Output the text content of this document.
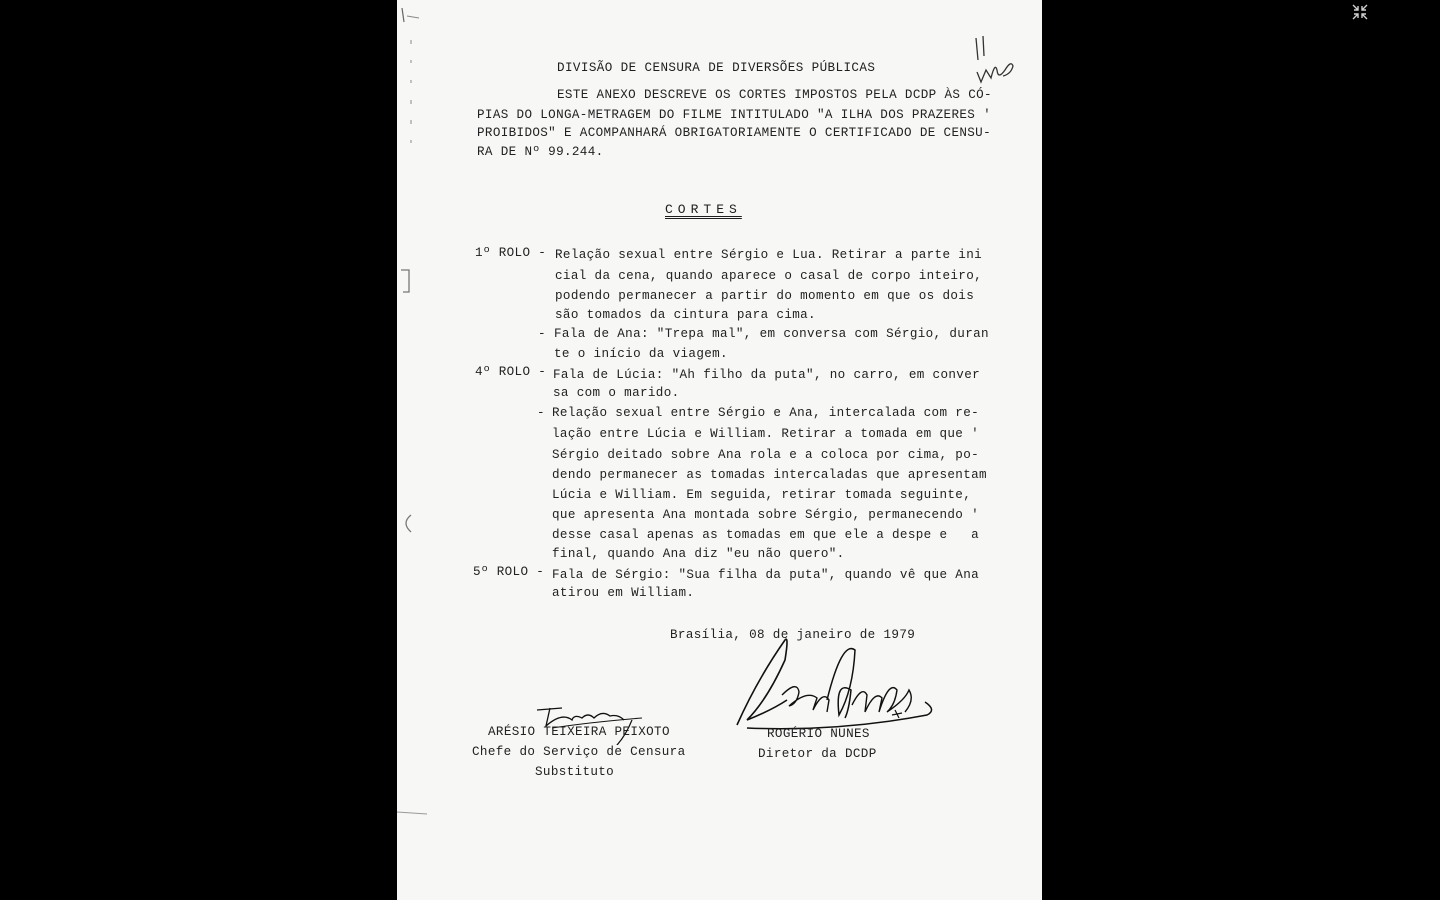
DIVISÃO DE CENSURA DE DIVERSÕES PÚBLICAS
ESTE ANEXO DESCREVE OS CORTES IMPOSTOS PELA DCDP ÀS CÓ-
PIAS DO LONGA-METRAGEM DO FILME INTITULADO "A ILHA DOS PRAZERES '
PROIBIDOS" E ACOMPANHARÁ OBRIGATORIAMENTE O CERTIFICADO DE CENSU-
RA DE Nº 99.244.
CORTES
1º ROLO - Relação sexual entre Sérgio e Lua. Retirar a parte ini
cial da cena, quando aparece o casal de corpo inteiro,
podendo permanecer a partir do momento em que os dois
são tomados da cintura para cima.
- Fala de Ana: "Trepa mal", em conversa com Sérgio, duran
te o início da viagem.
4º ROLO - Fala de Lúcia: "Ah filho da puta", no carro, em conver
sa com o marido.
- Relação sexual entre Sérgio e Ana, intercalada com re-
lação entre Lúcia e William. Retirar a tomada em que '
Sérgio deitado sobre Ana rola e a coloca por cima, po-
dendo permanecer as tomadas intercaladas que apresentam
Lúcia e William. Em seguida, retirar tomada seguinte,
que apresenta Ana montada sobre Sérgio, permanecendo '
desse casal apenas as tomadas em que ele a despe e   a
final, quando Ana diz "eu não quero".
5º ROLO - Fala de Sérgio: "Sua filha da puta", quando vê que Ana
atirou em William.
Brasília, 08 de janeiro de 1979
ARÉSIO TEIXEIRA PEIXOTO
Chefe do Serviço de Censura
Substituto
ROGÉRIO NUNES
Diretor da DCDP
